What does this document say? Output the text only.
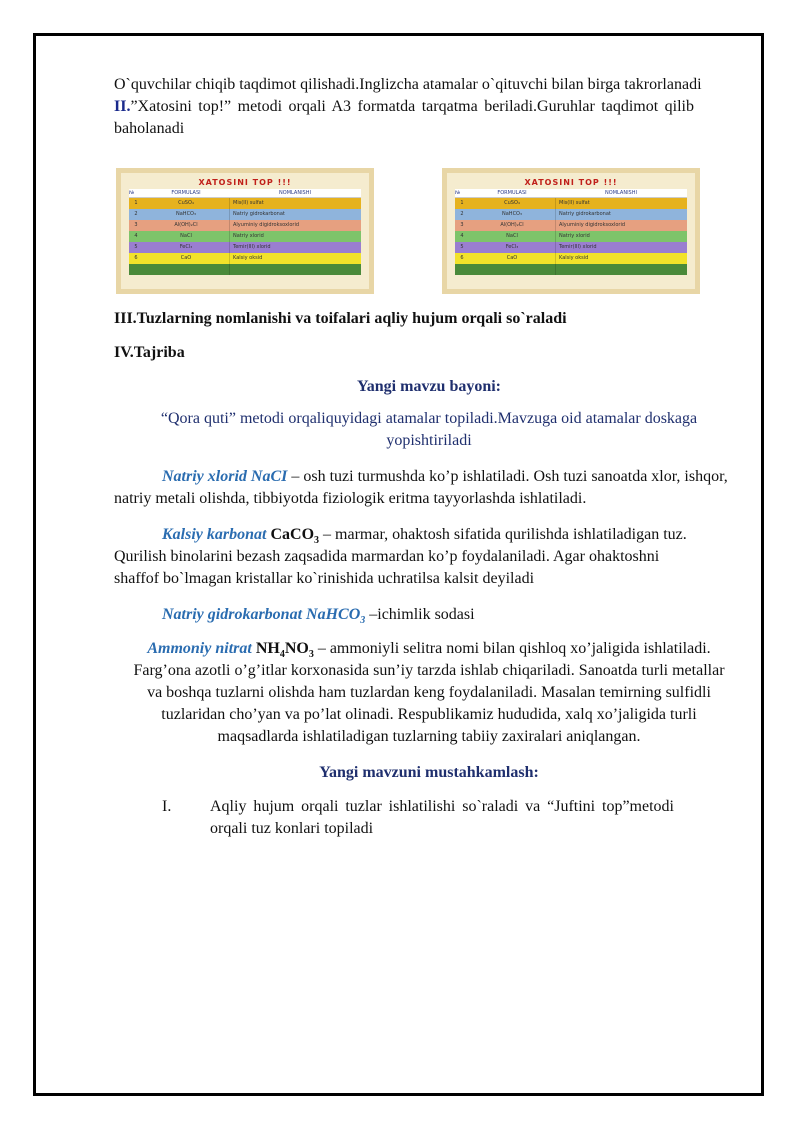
O`quvchilar chiqib taqdimot qilishadi.Inglizcha atamalar o`qituvchi bilan birga takrorlanadi

II.”Xatosini top!” metodi orqali A3 formatda tarqatma beriladi.Guruhlar taqdimot qilib baholanadi

XATOSINI TOP !!!
№	FORMULASI	NOMLANISHI
1	CuSO₄	Mis(II) sulfat
2	NaHCO₃	Natriy gidrokarbonat
3	Al(OH)₂Cl	Alyuminiy digidroksoxlorid
4	NaCl	Natriy xlorid
5	FeCl₃	Temir(III) xlorid
6	CaO	Kalsiy oksid
XATOSINI TOP !!!
№	FORMULASI	NOMLANISHI
1	CuSO₄	Mis(II) sulfat
2	NaHCO₃	Natriy gidrokarbonat
3	Al(OH)₂Cl	Alyuminiy digidroksoxlorid
4	NaCl	Natriy xlorid
5	FeCl₃	Temir(III) xlorid
6	CaO	Kalsiy oksid

III.Tuzlarning nomlanishi va toifalari aqliy hujum orqali so`raladi

IV.Tajriba

Yangi mavzu bayoni:

“Qora quti” metodi orqaliquyidagi atamalar topiladi.Mavzuga oid atamalar doskaga yopishtiriladi

Natriy xlorid NaCI – osh tuzi turmushda ko’p ishlatiladi. Osh tuzi sanoatda xlor, ishqor, natriy metali olishda, tibbiyotda fiziologik eritma tayyorlashda ishlatiladi.

Kalsiy karbonat CaCO$_3$ – marmar, ohaktosh sifatida qurilishda ishlatiladigan tuz. Qurilish binolarini bezash zaqsadida marmardan ko’p foydalaniladi. Agar ohaktoshni shaffof bo`lmagan kristallar ko`rinishida uchratilsa kalsit deyiladi

Natriy gidrokarbonat NaHCO$_3$ –ichimlik sodasi

Ammoniy nitrat $NH_4NO_3$ – ammoniyli selitra nomi bilan qishloq xo’jaligida ishlatiladi. Farg’ona azotli o’g’itlar korxonasida sun’iy tarzda ishlab chiqariladi. Sanoatda turli metallar va boshqa tuzlarni olishda ham tuzlardan keng foydalaniladi. Masalan temirning sulfidli tuzlaridan cho’yan va po’lat olinadi. Respublikamiz hududida, xalq xo’jaligida turli maqsadlarda ishlatiladigan tuzlarning tabiiy zaxiralari aniqlangan.

Yangi mavzuni mustahkamlash:

I.	Aqliy hujum orqali tuzlar ishlatilishi so`raladi va “Juftini top”metodi orqali tuz konlari topiladi
